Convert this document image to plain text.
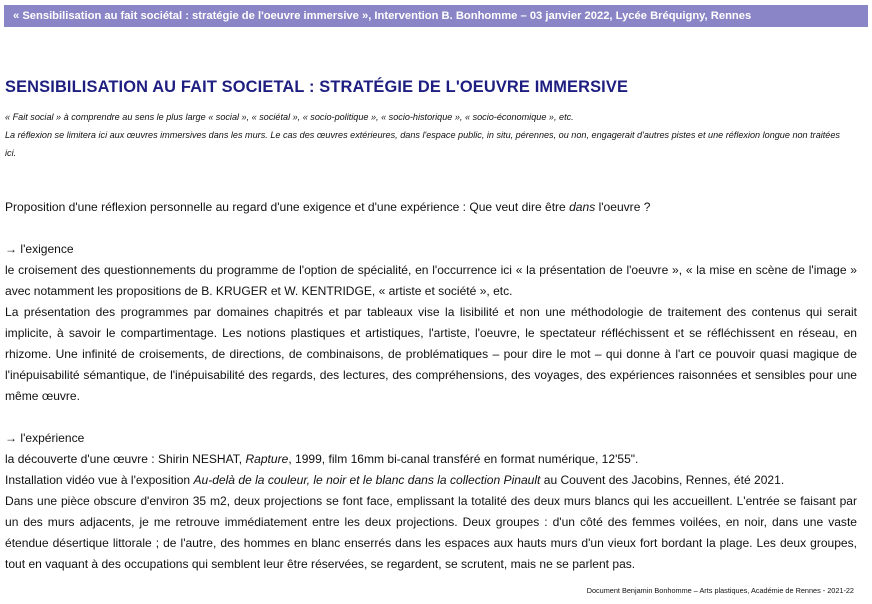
« Sensibilisation au fait sociétal : stratégie de l'oeuvre immersive », Intervention B. Bonhomme – 03 janvier 2022, Lycée Bréquigny, Rennes
SENSIBILISATION AU FAIT SOCIETAL : STRATÉGIE DE L'OEUVRE IMMERSIVE

« Fait social » à comprendre au sens le plus large « social », « sociétal », « socio-politique », « socio-historique », « socio-économique », etc.

La réflexion se limitera ici aux œuvres immersives dans les murs. Le cas des œuvres extérieures, dans l'espace public, in situ, pérennes, ou non, engagerait d'autres pistes et une réflexion longue non traitées ici.

Proposition d'une réflexion personnelle au regard d'une exigence et d'une expérience : Que veut dire être dans l'oeuvre ?

→ l'exigence

le croisement des questionnements du programme de l'option de spécialité, en l'occurrence ici « la présentation de l'oeuvre », « la mise en scène de l'image » avec notamment les propositions de B. KRUGER et W. KENTRIDGE, « artiste et société », etc.

La présentation des programmes par domaines chapitrés et par tableaux vise la lisibilité et non une méthodologie de traitement des contenus qui serait implicite, à savoir le compartimentage. Les notions plastiques et artistiques, l'artiste, l'oeuvre, le spectateur réfléchissent et se réfléchissent en réseau, en rhizome. Une infinité de croisements, de directions, de combinaisons, de problématiques – pour dire le mot – qui donne à l'art ce pouvoir quasi magique de l'inépuisabilité sémantique, de l'inépuisabilité des regards, des lectures, des compréhensions, des voyages, des expériences raisonnées et sensibles pour une même œuvre.

→ l'expérience

la découverte d'une œuvre : Shirin NESHAT, Rapture, 1999, film 16mm bi-canal transféré en format numérique, 12'55".

Installation vidéo vue à l'exposition Au-delà de la couleur, le noir et le blanc dans la collection Pinault au Couvent des Jacobins, Rennes, été 2021.

Dans une pièce obscure d'environ 35 m2, deux projections se font face, emplissant la totalité des deux murs blancs qui les accueillent. L'entrée se faisant par un des murs adjacents, je me retrouve immédiatement entre les deux projections. Deux groupes : d'un côté des femmes voilées, en noir, dans une vaste étendue désertique littorale ; de l'autre, des hommes en blanc enserrés dans les espaces aux hauts murs d'un vieux fort bordant la plage. Les deux groupes, tout en vaquant à des occupations qui semblent leur être réservées, se regardent, se scrutent, mais ne se parlent pas.

Document Benjamin Bonhomme – Arts plastiques, Académie de Rennes - 2021-22
